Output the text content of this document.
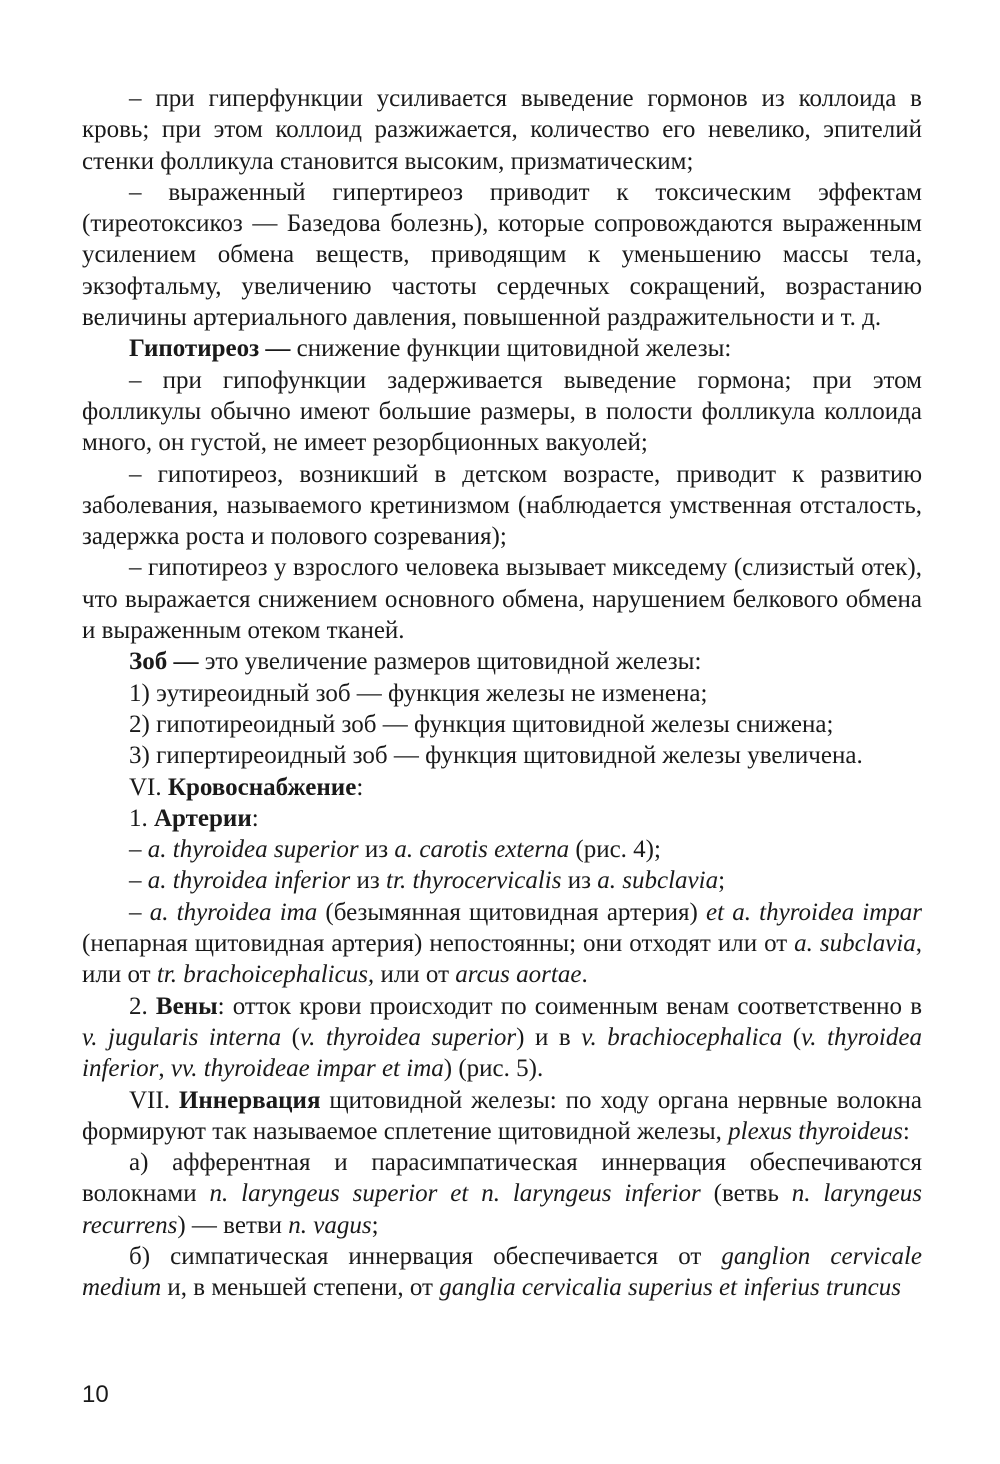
– при гиперфункции усиливается выведение гормонов из коллоида в кровь; при этом коллоид разжижается, количество его невелико, эпителий стенки фолликула становится высоким, призматическим;

– выраженный гипертиреоз приводит к токсическим эффектам (тиреотоксикоз — Базедова болезнь), которые сопровождаются выраженным усилением обмена веществ, приводящим к уменьшению массы тела, экзофтальму, увеличению частоты сердечных сокращений, возрастанию величины артериального давления, повышенной раздражительности и т. д.

Гипотиреоз — снижение функции щитовидной железы:

– при гипофункции задерживается выведение гормона; при этом фолликулы обычно имеют большие размеры, в полости фолликула коллоида много, он густой, не имеет резорбционных вакуолей;

– гипотиреоз, возникший в детском возрасте, приводит к развитию заболевания, называемого кретинизмом (наблюдается умственная отсталость, задержка роста и полового созревания);

– гипотиреоз у взрослого человека вызывает микседему (слизистый отек), что выражается снижением основного обмена, нарушением белкового обмена и выраженным отеком тканей.

Зоб — это увеличение размеров щитовидной железы:

1) эутиреоидный зоб — функция железы не изменена;

2) гипотиреоидный зоб — функция щитовидной железы снижена;

3) гипертиреоидный зоб — функция щитовидной железы увеличена.

VI. Кровоснабжение:

1. Артерии:

– a. thyroidea superior из a. carotis externa (рис. 4);

– a. thyroidea inferior из tr. thyrocervicalis из a. subclavia;

– a. thyroidea ima (безымянная щитовидная артерия) et a. thyroidea impar (непарная щитовидная артерия) непостоянны; они отходят или от a. subclavia, или от tr. brachoicephalicus, или от arcus aortae.

2. Вены: отток крови происходит по соименным венам соответственно в v. jugularis interna (v. thyroidea superior) и в v. brachiocephalica (v. thyroidea inferior, vv. thyroideae impar et ima) (рис. 5).

VII. Иннервация щитовидной железы: по ходу органа нервные волокна формируют так называемое сплетение щитовидной железы, plexus thyroideus:

а) афферентная и парасимпатическая иннервация обеспечиваются волокнами n. laryngeus superior et n. laryngeus inferior (ветвь n. laryngeus recurrens) — ветви n. vagus;

б) симпатическая иннервация обеспечивается от ganglion cervicale medium и, в меньшей степени, от ganglia cervicalia superius et inferius truncus

10
